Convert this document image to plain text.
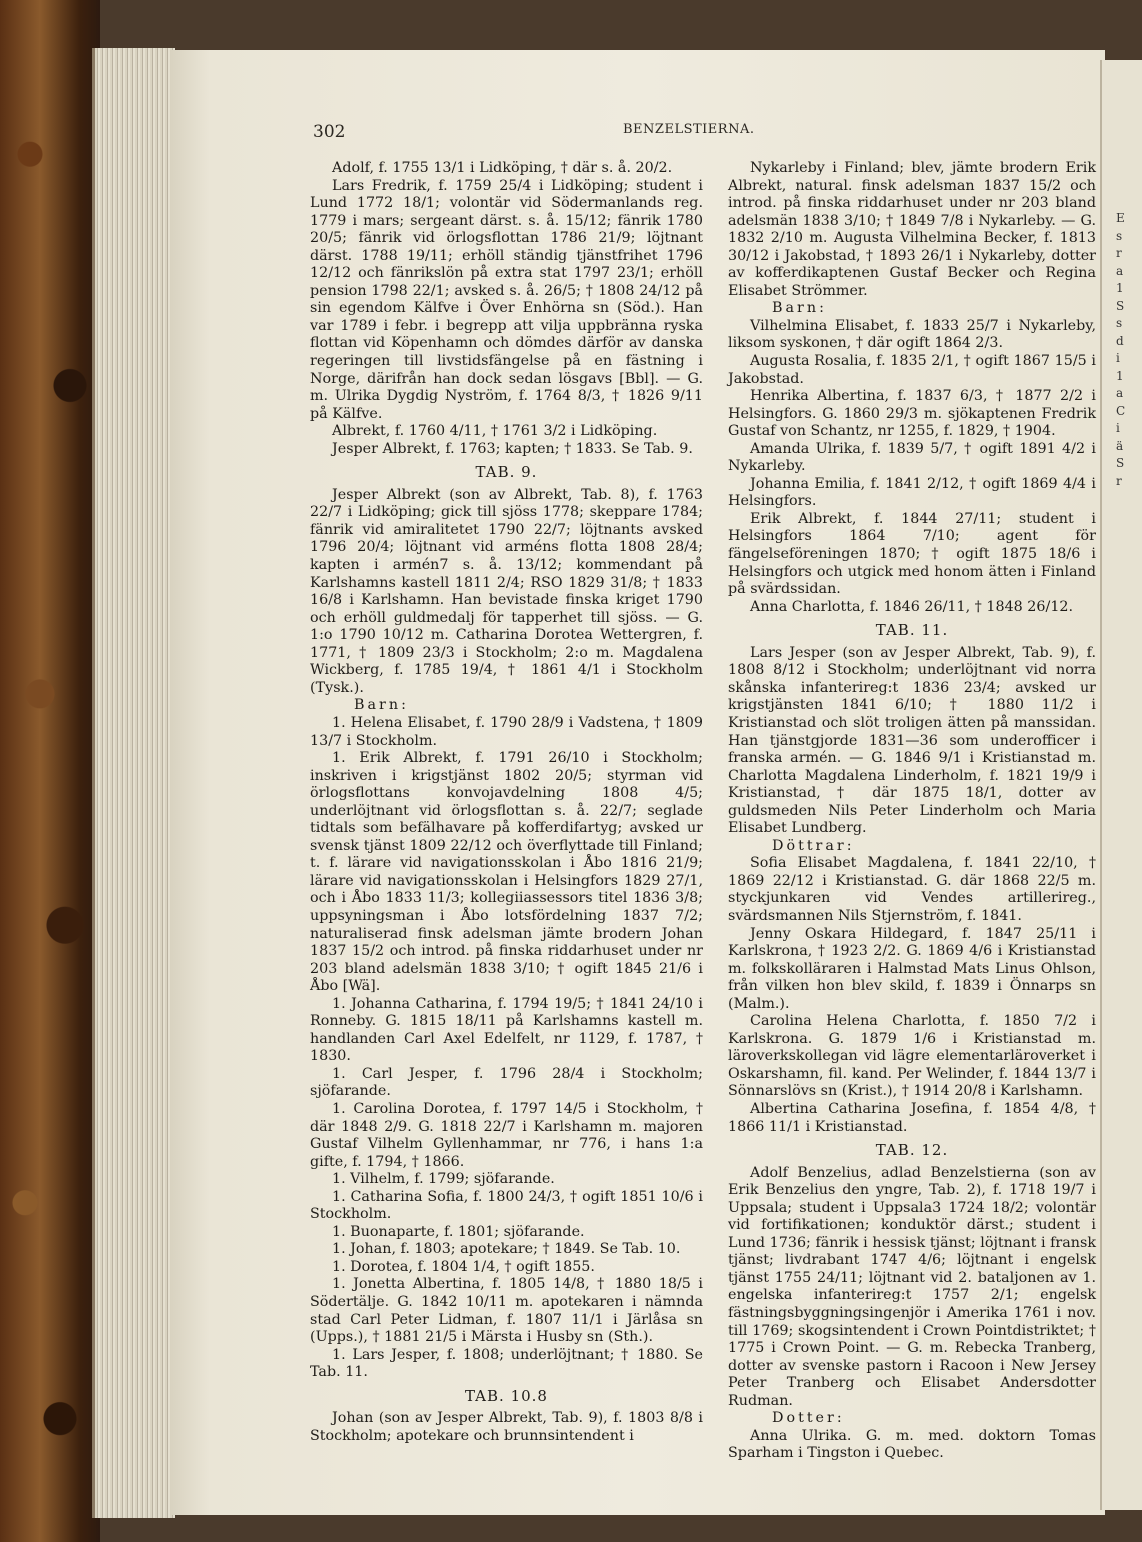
E
s
r
a
1
S
s
d
i
1
a
C
i
ä
S
r
302	BENZELSTIERNA.

Adolf, f. 1755 13/1 i Lidköping, † där s. å. 20/2.

Lars Fredrik, f. 1759 25/4 i Lidköping; student i Lund 1772 18/1; volontär vid Södermanlands reg. 1779 i mars; sergeant därst. s. å. 15/12; fänrik 1780 20/5; fänrik vid örlogsflottan 1786 21/9; löjtnant därst. 1788 19/11; erhöll ständig tjänstfrihet 1796 12/12 och fänrikslön på extra stat 1797 23/1; erhöll pension 1798 22/1; avsked s. å. 26/5; † 1808 24/12 på sin egendom Kälfve i Över Enhörna sn (Söd.). Han var 1789 i febr. i begrepp att vilja uppbränna ryska flottan vid Köpenhamn och dömdes därför av danska regeringen till livstidsfängelse på en fästning i Norge, därifrån han dock sedan lösgavs [Bbl]. — G. m. Ulrika Dygdig Nyström, f. 1764 8/3, † 1826 9/11 på Kälfve.

Albrekt, f. 1760 4/11, † 1761 3/2 i Lidköping.

Jesper Albrekt, f. 1763; kapten; † 1833. Se Tab. 9.

TAB. 9.

Jesper Albrekt (son av Albrekt, Tab. 8), f. 1763 22/7 i Lidköping; gick till sjöss 1778; skeppare 1784; fänrik vid amiralitetet 1790 22/7; löjtnants avsked 1796 20/4; löjtnant vid arméns flotta 1808 28/4; kapten i armén7 s. å. 13/12; kommendant på Karlshamns kastell 1811 2/4; RSO 1829 31/8; † 1833 16/8 i Karlshamn. Han bevistade finska kriget 1790 och erhöll guldmedalj för tapperhet till sjöss. — G. 1:o 1790 10/12 m. Catharina Dorotea Wettergren, f. 1771, † 1809 23/3 i Stockholm; 2:o m. Magdalena Wickberg, f. 1785 19/4, † 1861 4/1 i Stockholm (Tysk.).

Barn:

1. Helena Elisabet, f. 1790 28/9 i Vadstena, † 1809 13/7 i Stockholm.

1. Erik Albrekt, f. 1791 26/10 i Stockholm; inskriven i krigstjänst 1802 20/5; styrman vid örlogsflottans konvojavdelning 1808 4/5; underlöjtnant vid örlogsflottan s. å. 22/7; seglade tidtals som befälhavare på kofferdifartyg; avsked ur svensk tjänst 1809 22/12 och överflyttade till Finland; t. f. lärare vid navigationsskolan i Åbo 1816 21/9; lärare vid navigationsskolan i Helsingfors 1829 27/1, och i Åbo 1833 11/3; kollegiiassessors titel 1836 3/8; uppsyningsman i Åbo lotsfördelning 1837 7/2; naturaliserad finsk adelsman jämte brodern Johan 1837 15/2 och introd. på finska riddarhuset under nr 203 bland adelsmän 1838 3/10; † ogift 1845 21/6 i Åbo [Wä].

1. Johanna Catharina, f. 1794 19/5; † 1841 24/10 i Ronneby. G. 1815 18/11 på Karlshamns kastell m. handlanden Carl Axel Edelfelt, nr 1129, f. 1787, † 1830.

1. Carl Jesper, f. 1796 28/4 i Stockholm; sjöfarande.

1. Carolina Dorotea, f. 1797 14/5 i Stockholm, † där 1848 2/9. G. 1818 22/7 i Karlshamn m. majoren Gustaf Vilhelm Gyllenhammar, nr 776, i hans 1:a gifte, f. 1794, † 1866.

1. Vilhelm, f. 1799; sjöfarande.

1. Catharina Sofia, f. 1800 24/3, † ogift 1851 10/6 i Stockholm.

1. Buonaparte, f. 1801; sjöfarande.

1. Johan, f. 1803; apotekare; † 1849. Se Tab. 10.

1. Dorotea, f. 1804 1/4, † ogift 1855.

1. Jonetta Albertina, f. 1805 14/8, † 1880 18/5 i Södertälje. G. 1842 10/11 m. apotekaren i nämnda stad Carl Peter Lidman, f. 1807 11/1 i Järlåsa sn (Upps.), † 1881 21/5 i Märsta i Husby sn (Sth.).

1. Lars Jesper, f. 1808; underlöjtnant; † 1880. Se Tab. 11.

TAB. 10.8

Johan (son av Jesper Albrekt, Tab. 9), f. 1803 8/8 i Stockholm; apotekare och brunnsintendent i

Nykarleby i Finland; blev, jämte brodern Erik Albrekt, natural. finsk adelsman 1837 15/2 och introd. på finska riddarhuset under nr 203 bland adelsmän 1838 3/10; † 1849 7/8 i Nykarleby. — G. 1832 2/10 m. Augusta Vilhelmina Becker, f. 1813 30/12 i Jakobstad, † 1893 26/1 i Nykarleby, dotter av kofferdikaptenen Gustaf Becker och Regina Elisabet Strömmer.

Barn:

Vilhelmina Elisabet, f. 1833 25/7 i Nykarleby, liksom syskonen, † där ogift 1864 2/3.

Augusta Rosalia, f. 1835 2/1, † ogift 1867 15/5 i Jakobstad.

Henrika Albertina, f. 1837 6/3, † 1877 2/2 i Helsingfors. G. 1860 29/3 m. sjökaptenen Fredrik Gustaf von Schantz, nr 1255, f. 1829, † 1904.

Amanda Ulrika, f. 1839 5/7, † ogift 1891 4/2 i Nykarleby.

Johanna Emilia, f. 1841 2/12, † ogift 1869 4/4 i Helsingfors.

Erik Albrekt, f. 1844 27/11; student i Helsingfors 1864 7/10; agent för fängelseföreningen 1870; † ogift 1875 18/6 i Helsingfors och utgick med honom ätten i Finland på svärdssidan.

Anna Charlotta, f. 1846 26/11, † 1848 26/12.

TAB. 11.

Lars Jesper (son av Jesper Albrekt, Tab. 9), f. 1808 8/12 i Stockholm; underlöjtnant vid norra skånska infanterireg:t 1836 23/4; avsked ur krigstjänsten 1841 6/10; † 1880 11/2 i Kristianstad och slöt troligen ätten på manssidan. Han tjänstgjorde 1831—36 som underofficer i franska armén. — G. 1846 9/1 i Kristianstad m. Charlotta Magdalena Linderholm, f. 1821 19/9 i Kristianstad, † där 1875 18/1, dotter av guldsmeden Nils Peter Linderholm och Maria Elisabet Lundberg.

Döttrar:

Sofia Elisabet Magdalena, f. 1841 22/10, † 1869 22/12 i Kristianstad. G. där 1868 22/5 m. styckjunkaren vid Vendes artillerireg., svärdsmannen Nils Stjernström, f. 1841.

Jenny Oskara Hildegard, f. 1847 25/11 i Karlskrona, † 1923 2/2. G. 1869 4/6 i Kristianstad m. folkskolläraren i Halmstad Mats Linus Ohlson, från vilken hon blev skild, f. 1839 i Önnarps sn (Malm.).

Carolina Helena Charlotta, f. 1850 7/2 i Karlskrona. G. 1879 1/6 i Kristianstad m. läroverkskollegan vid lägre elementarläroverket i Oskarshamn, fil. kand. Per Welinder, f. 1844 13/7 i Sönnarslövs sn (Krist.), † 1914 20/8 i Karlshamn.

Albertina Catharina Josefina, f. 1854 4/8, † 1866 11/1 i Kristianstad.

TAB. 12.

Adolf Benzelius, adlad Benzelstierna (son av Erik Benzelius den yngre, Tab. 2), f. 1718 19/7 i Uppsala; student i Uppsala3 1724 18/2; volontär vid fortifikationen; konduktör därst.; student i Lund 1736; fänrik i hessisk tjänst; löjtnant i fransk tjänst; livdrabant 1747 4/6; löjtnant i engelsk tjänst 1755 24/11; löjtnant vid 2. bataljonen av 1. engelska infanterireg:t 1757 2/1; engelsk fästningsbyggningsingenjör i Amerika 1761 i nov. till 1769; skogsintendent i Crown Pointdistriktet; † 1775 i Crown Point. — G. m. Rebecka Tranberg, dotter av svenske pastorn i Racoon i New Jersey Peter Tranberg och Elisabet Andersdotter Rudman.

Dotter:

Anna Ulrika. G. m. med. doktorn Tomas Sparham i Tingston i Quebec.
